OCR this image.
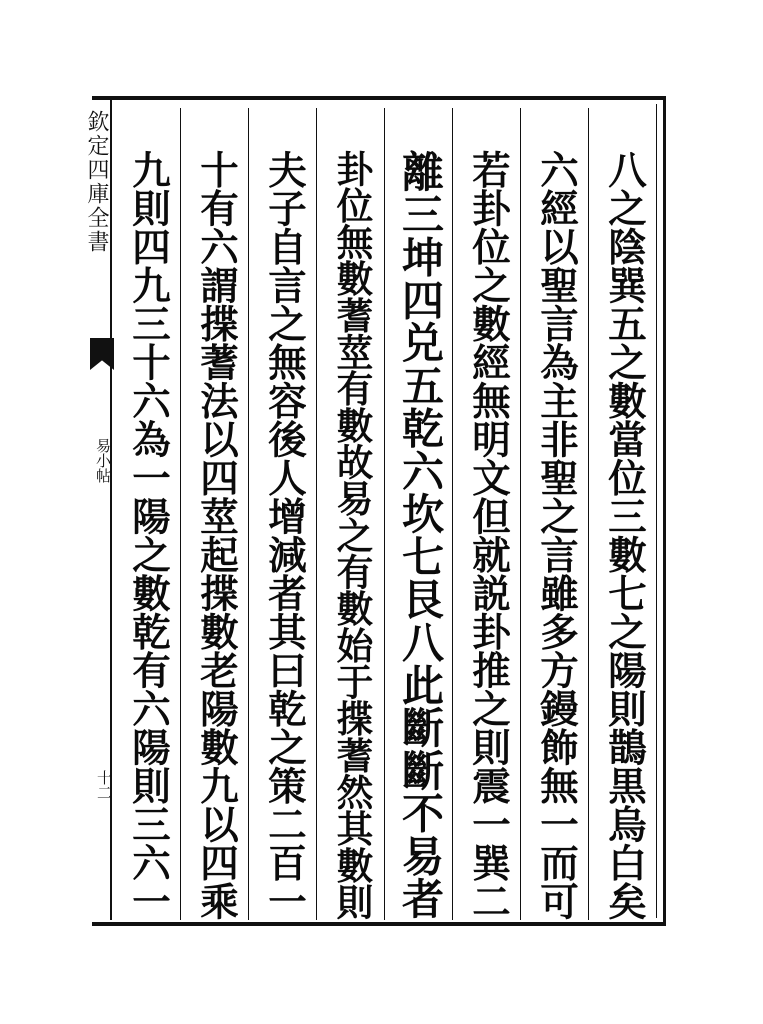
欽定四庫全書
易小帖
十二	八之陰巽五之數當位三數七之陽則鵲黒烏白矣
六經以聖言為主非聖之言雖多方鏝飾無一而可
若卦位之數經無明文但就説卦推之則震一巽二
離三坤四兑五乾六坎七艮八此斷斷不易者
卦位無數蓍莖有數故易之有數始于揲蓍然其數則
夫子自言之無容後人增減者其曰乾之策二百一
十有六謂揲蓍法以四莖起揲數老陽數九以四乘
九則四九三十六為一陽之數乾有六陽則三六一
